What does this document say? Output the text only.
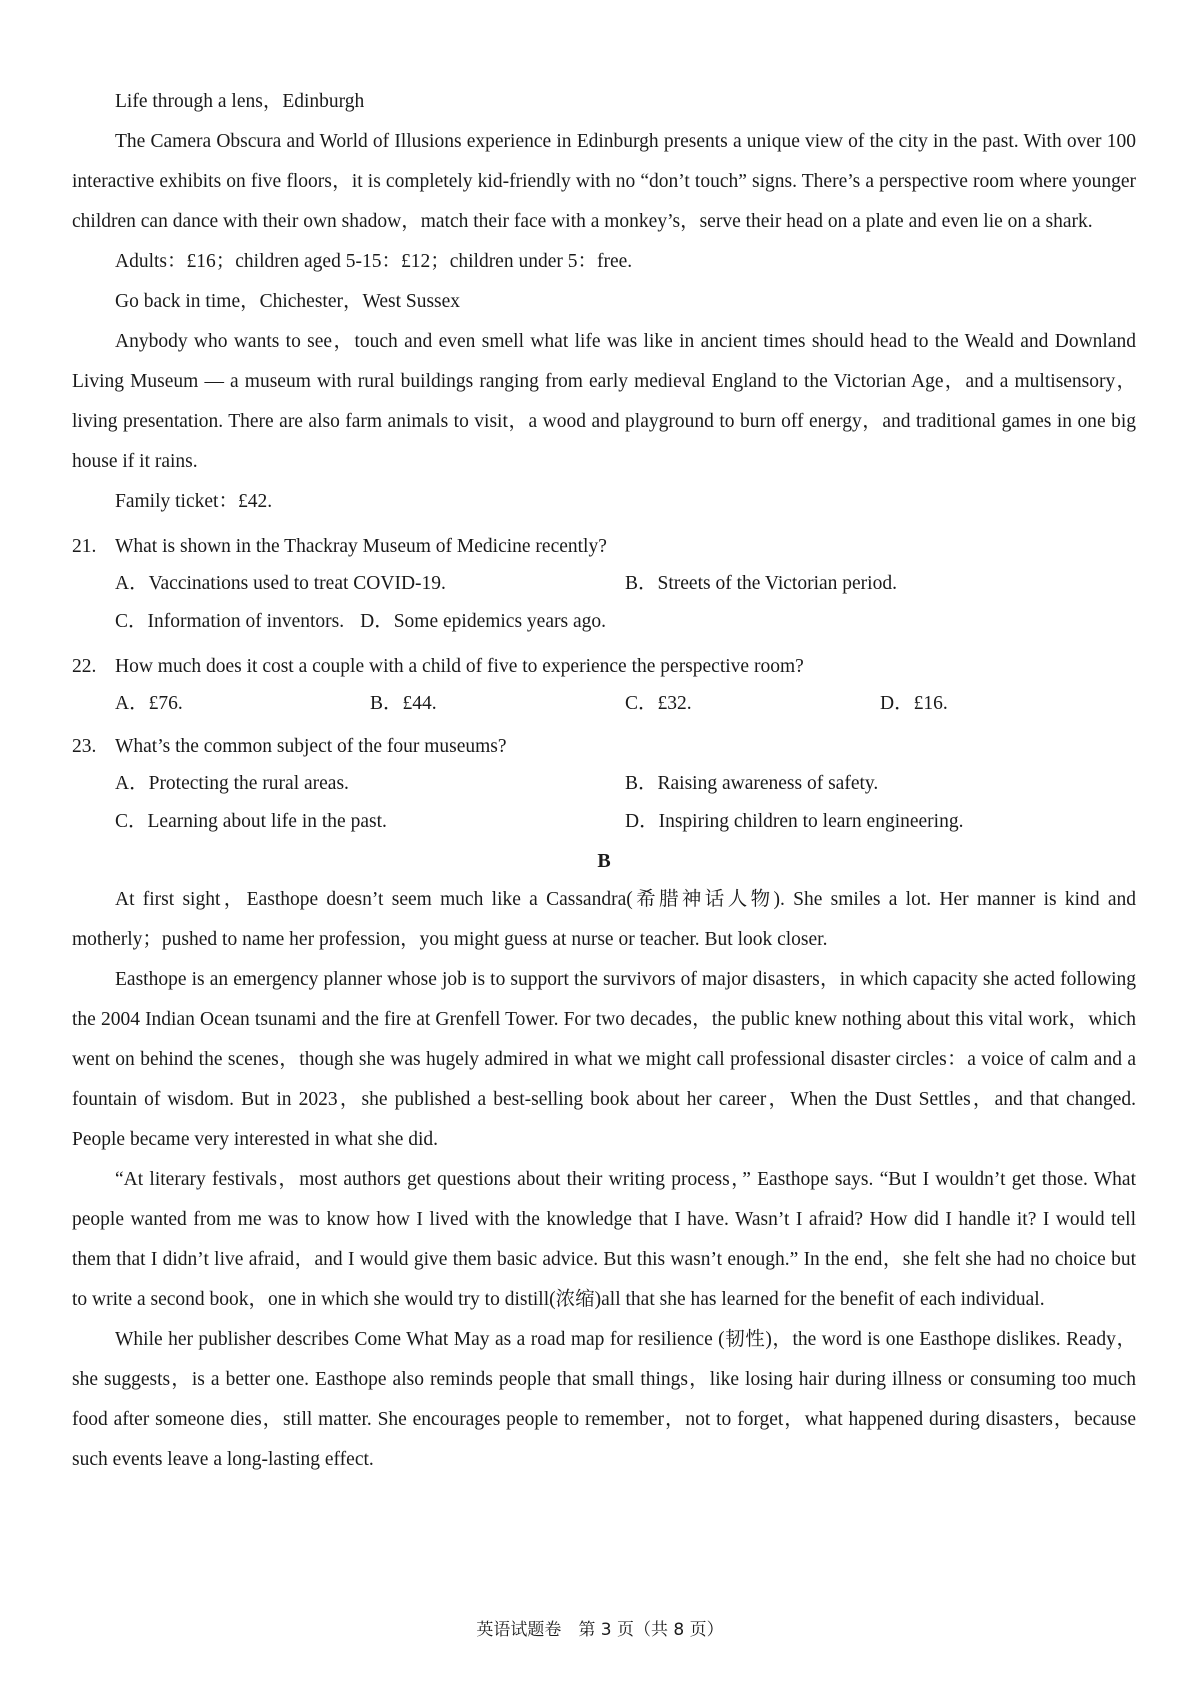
Life through a lens，Edinburgh

The Camera Obscura and World of Illusions experience in Edinburgh presents a unique view of the city in the past. With over 100 interactive exhibits on five floors，it is completely kid-friendly with no “don’t touch” signs. There’s a perspective room where younger children can dance with their own shadow，match their face with a monkey’s，serve their head on a plate and even lie on a shark.

Adults：£16；children aged 5-15：£12；children under 5：free.
Go back in time，Chichester，West Sussex

Anybody who wants to see，touch and even smell what life was like in ancient times should head to the Weald and Downland Living Museum — a museum with rural buildings ranging from early medieval England to the Victorian Age，and a multisensory，living presentation. There are also farm animals to visit，a wood and playground to burn off energy，and traditional games in one big house if it rains.

Family ticket：£42.
21. What is shown in the Thackray Museum of Medicine recently?
A．Vaccinations used to treat COVID-19.	B．Streets of the Victorian period.
C．Information of inventors. D．Some epidemics years ago.
22. How much does it cost a couple with a child of five to experience the perspective room?
A．£76.	B．£44.	C．£32.	D．£16.
23. What’s the common subject of the four museums?
A．Protecting the rural areas.	B．Raising awareness of safety.
C．Learning about life in the past.	D．Inspiring children to learn engineering.

B

At first sight，Easthope doesn’t seem much like a Cassandra(希腊神话人物). She smiles a lot. Her manner is kind and motherly；pushed to name her profession，you might guess at nurse or teacher. But look closer.

Easthope is an emergency planner whose job is to support the survivors of major disasters，in which capacity she acted following the 2004 Indian Ocean tsunami and the fire at Grenfell Tower. For two decades，the public knew nothing about this vital work，which went on behind the scenes，though she was hugely admired in what we might call professional disaster circles：a voice of calm and a fountain of wisdom. But in 2023，she published a best-selling book about her career，When the Dust Settles，and that changed. People became very interested in what she did.

“At literary festivals，most authors get questions about their writing process，” Easthope says. “But I wouldn’t get those. What people wanted from me was to know how I lived with the knowledge that I have. Wasn’t I afraid? How did I handle it? I would tell them that I didn’t live afraid，and I would give them basic advice. But this wasn’t enough.” In the end，she felt she had no choice but to write a second book，one in which she would try to distill(浓缩)all that she has learned for the benefit of each individual.

While her publisher describes Come What May as a road map for resilience (韧性)，the word is one Easthope dislikes. Ready，she suggests，is a better one. Easthope also reminds people that small things，like losing hair during illness or consuming too much food after someone dies，still matter. She encourages people to remember，not to forget，what happened during disasters，because such events leave a long-lasting effect.

英语试题卷　第 3 页（共 8 页）
